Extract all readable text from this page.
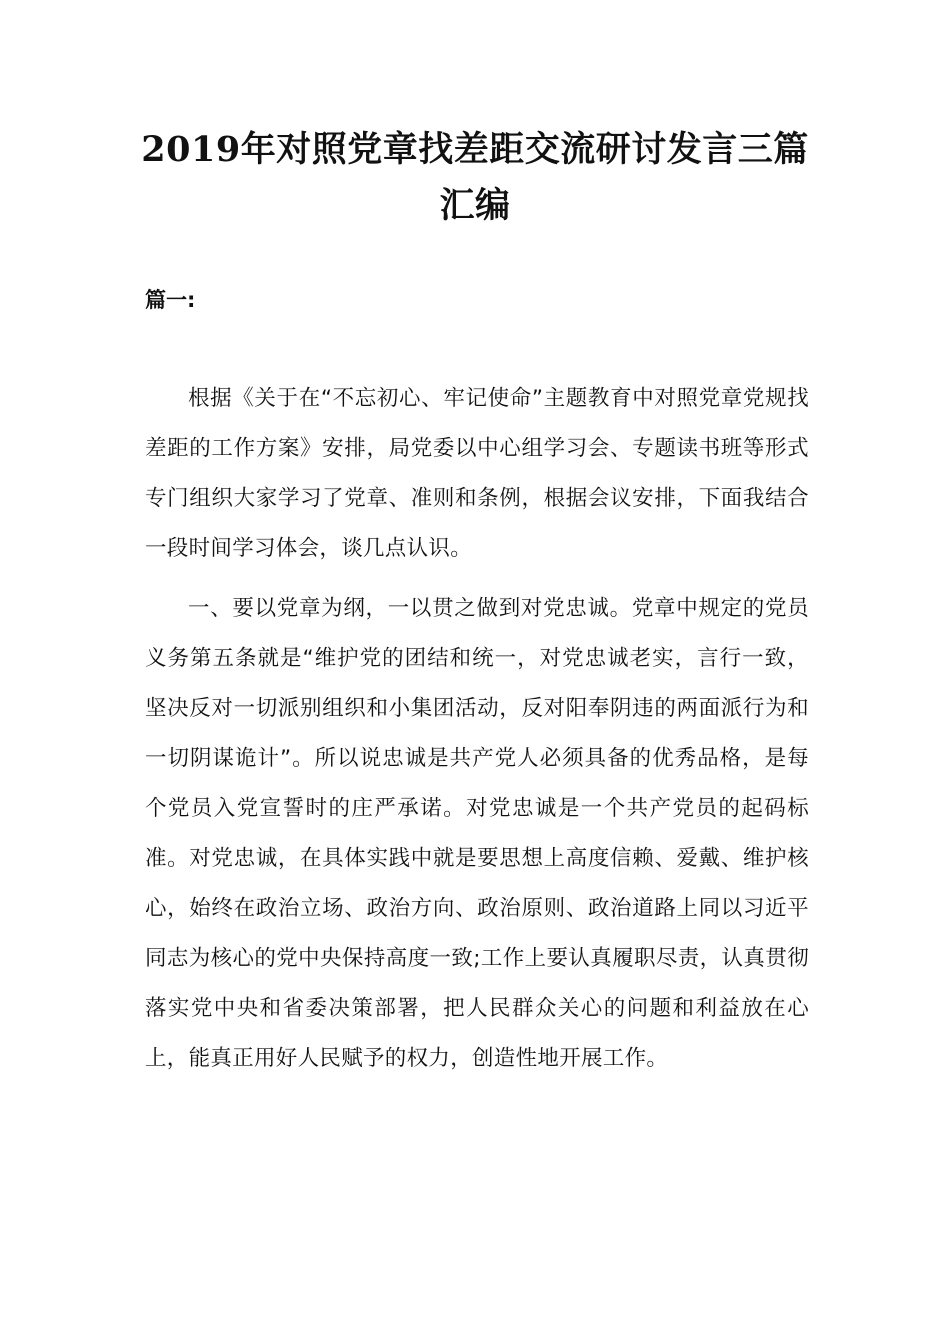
2019年对照党章找差距交流研讨发言三篇汇编

篇一:

根据《关于在“不忘初心、牢记使命”主题教育中对照党章党规找差距的工作方案》安排，局党委以中心组学习会、专题读书班等形式专门组织大家学习了党章、准则和条例，根据会议安排，下面我结合一段时间学习体会，谈几点认识。

一、要以党章为纲，一以贯之做到对党忠诚。党章中规定的党员义务第五条就是“维护党的团结和统一，对党忠诚老实，言行一致，坚决反对一切派别组织和小集团活动，反对阳奉阴违的两面派行为和一切阴谋诡计”。所以说忠诚是共产党人必须具备的优秀品格，是每个党员入党宣誓时的庄严承诺。对党忠诚是一个共产党员的起码标准。对党忠诚，在具体实践中就是要思想上高度信赖、爱戴、维护核心，始终在政治立场、政治方向、政治原则、政治道路上同以习近平同志为核心的党中央保持高度一致;工作上要认真履职尽责，认真贯彻落实党中央和省委决策部署，把人民群众关心的问题和利益放在心上，能真正用好人民赋予的权力，创造性地开展工作。
